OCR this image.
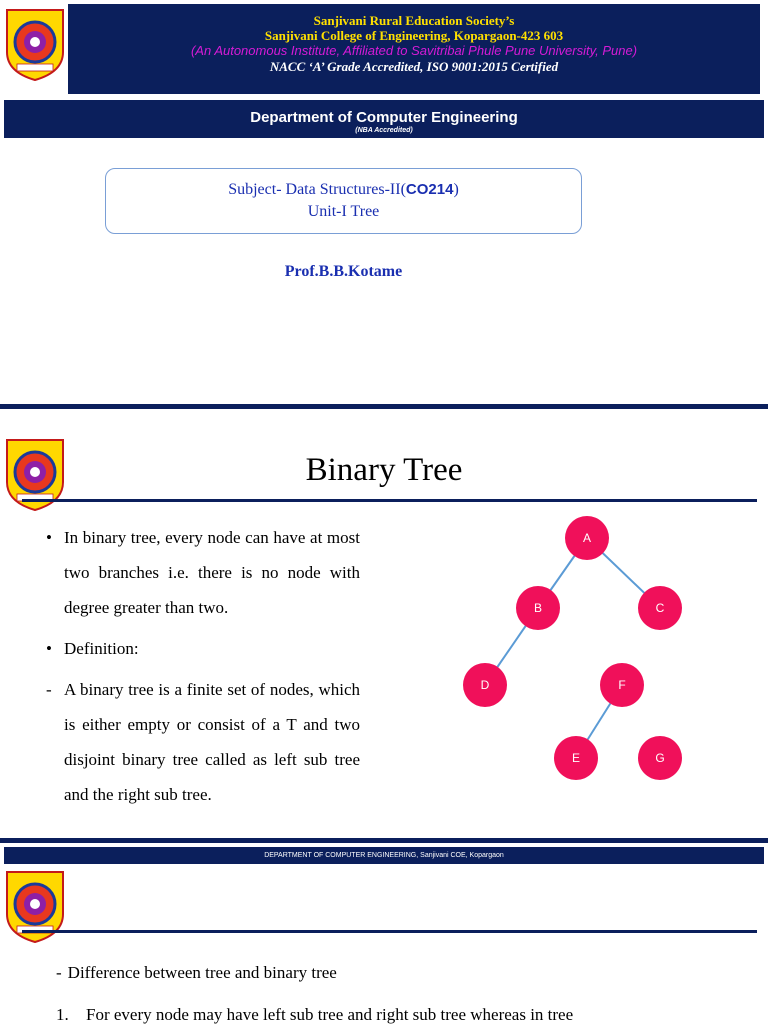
Sanjivani Rural Education Society’s
Sanjivani College of Engineering, Kopargaon-423 603
(An Autonomous Institute, Affiliated to Savitribai Phule Pune University, Pune)
NACC ‘A’ Grade Accredited, ISO 9001:2015 Certified
Department of Computer Engineering
(NBA Accredited)
Subject- Data Structures-II(CO214)
Unit-I Tree
Prof.B.B.Kotame
Binary Tree
• In binary tree, every node can have at most two branches i.e. there is no node with degree greater than two.
• Definition:
- A binary tree is a finite set of nodes, which is either empty or consist of a T and two disjoint binary tree called as left sub tree and the right sub tree.
A
B	C
D	F
E	G
DEPARTMENT OF COMPUTER ENGINEERING, Sanjivani COE, Kopargaon
- Difference between tree and binary tree
1. For every node may have left sub tree and right sub tree whereas in tree
